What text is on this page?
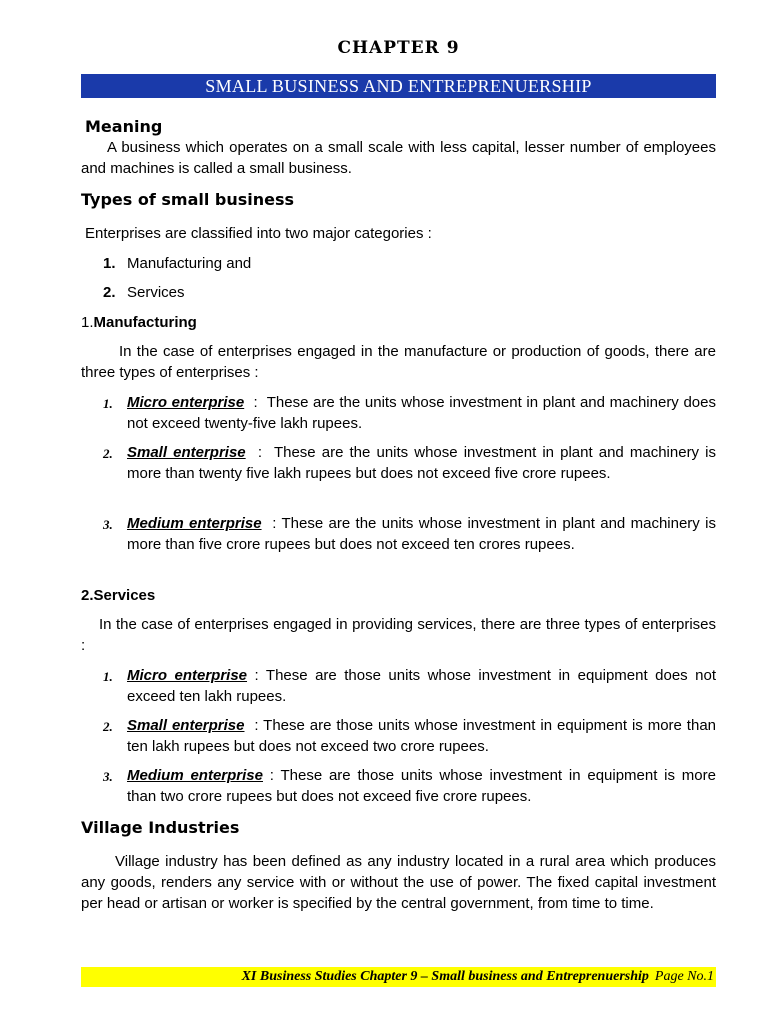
CHAPTER 9
SMALL BUSINESS AND ENTREPRENUERSHIP
Meaning
A business which operates on a small scale with less capital, lesser number of employees and machines is called a small business.
Types of small business
Enterprises are classified into two major categories :
1. Manufacturing and
2. Services
1.Manufacturing
In the case of enterprises engaged in the manufacture or production of goods, there are three types of enterprises :
1. Micro enterprise  :  These are the units whose investment in plant and machinery does not exceed twenty-five lakh rupees.
2. Small enterprise  :  These are the units whose investment in plant and machinery is more than twenty five lakh rupees but does not exceed five crore rupees.
3. Medium enterprise  : These are the units whose investment in plant and machinery is more than five crore rupees but does not exceed ten crores rupees.
2.Services
In the case of enterprises engaged in providing services, there are three types of enterprises :
1. Micro enterprise : These are those units whose investment in equipment does not exceed ten lakh rupees.
2. Small enterprise  : These are those units whose investment in equipment is more than ten lakh rupees but does not exceed two crore rupees.
3. Medium enterprise : These are those units whose investment in equipment is more than two crore rupees but does not exceed five crore rupees.
Village Industries
Village industry has been defined as any industry located in a rural area which produces any goods, renders any service with or without the use of power. The fixed capital investment per head or artisan or worker is specified by the central government, from time to time.
XI Business Studies Chapter 9 – Small business and Entreprenuership Page No.1
